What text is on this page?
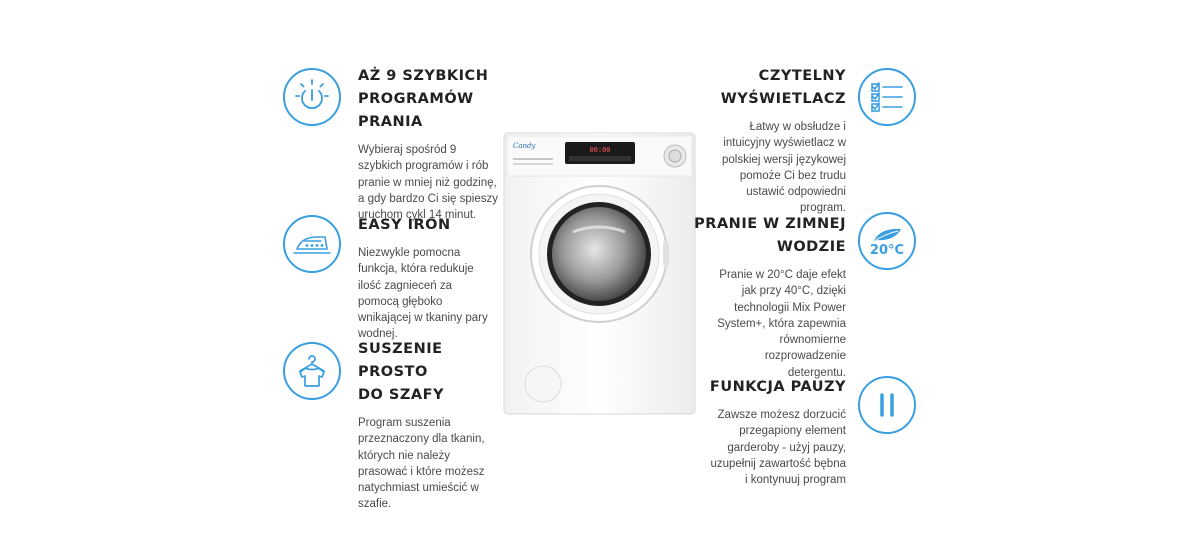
AŻ 9 SZYBKICH
PROGRAMÓW
PRANIA

Wybieraj spośród 9
szybkich programów i rób
pranie w mniej niż godzinę,
a gdy bardzo Ci się spieszy
uruchom cykl 14 minut.

EASY IRON

Niezwykle pomocna
funkcja, która redukuje
ilość zagnieceń za
pomocą głęboko
wnikającej w tkaniny pary
wodnej.

SUSZENIE PROSTO
DO SZAFY

Program suszenia
przeznaczony dla tkanin,
których nie należy
prasować i które możesz
natychmiast umieścić w
szafie.
00:00
Candy

CZYTELNY
WYŚWIETLACZ

Łatwy w obsłudze i
intuicyjny wyświetlacz w
polskiej wersji językowej
pomoże Ci bez trudu
ustawić odpowiedni
program.

PRANIE W ZIMNEJ
WODZIE

Pranie w 20°C daje efekt
jak przy 40°C, dzięki
technologii Mix Power
System+, która zapewnia
równomierne
rozprowadzenie
detergentu.
20°C

FUNKCJA PAUZY

Zawsze możesz dorzucić
przegapiony element
garderoby - użyj pauzy,
uzupełnij zawartość bębna
i kontynuuj program
